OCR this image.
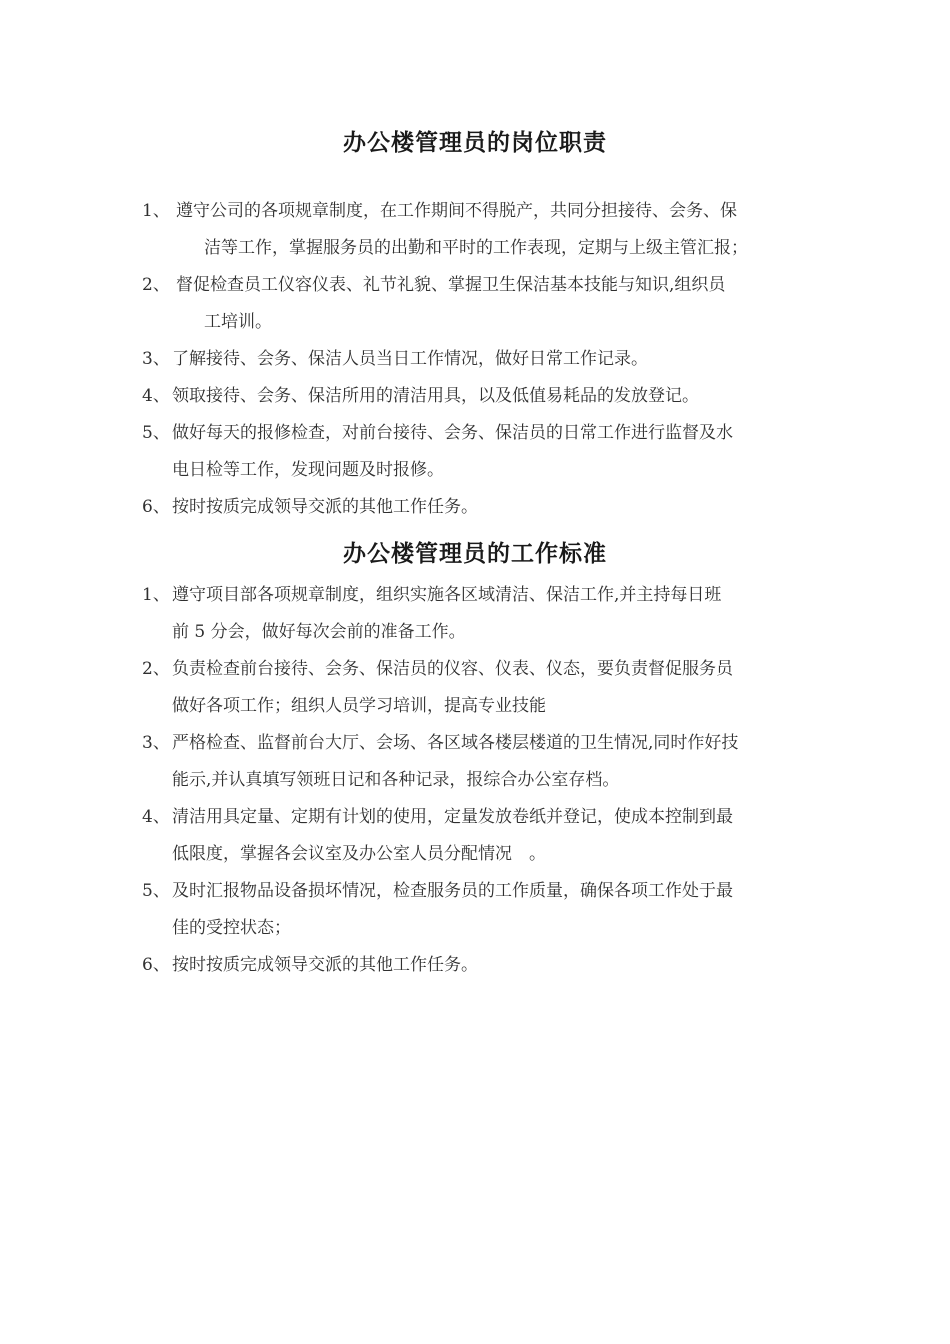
办公楼管理员的岗位职责
1、 遵守公司的各项规章制度，在工作期间不得脱产，共同分担接待、会务、保
洁等工作，掌握服务员的出勤和平时的工作表现，定期与上级主管汇报；
2、 督促检查员工仪容仪表、礼节礼貌、掌握卫生保洁基本技能与知识,组织员
工培训。
3、 了解接待、会务、保洁人员当日工作情况，做好日常工作记录。
4、 领取接待、会务、保洁所用的清洁用具，以及低值易耗品的发放登记。
5、 做好每天的报修检查，对前台接待、会务、保洁员的日常工作进行监督及水
电日检等工作，发现问题及时报修。
6、 按时按质完成领导交派的其他工作任务。
办公楼管理员的工作标准
1、 遵守项目部各项规章制度，组织实施各区域清洁、保洁工作,并主持每日班
前 5 分会，做好每次会前的准备工作。
2、 负责检查前台接待、会务、保洁员的仪容、仪表、仪态，要负责督促服务员
做好各项工作；组织人员学习培训，提高专业技能
3、 严格检查、监督前台大厅、会场、各区域各楼层楼道的卫生情况,同时作好技
能示,并认真填写领班日记和各种记录，报综合办公室存档。
4、 清洁用具定量、定期有计划的使用，定量发放卷纸并登记，使成本控制到最
低限度，掌握各会议室及办公室人员分配情况　。
5、 及时汇报物品设备损坏情况，检查服务员的工作质量，确保各项工作处于最
佳的受控状态；
6、 按时按质完成领导交派的其他工作任务。
